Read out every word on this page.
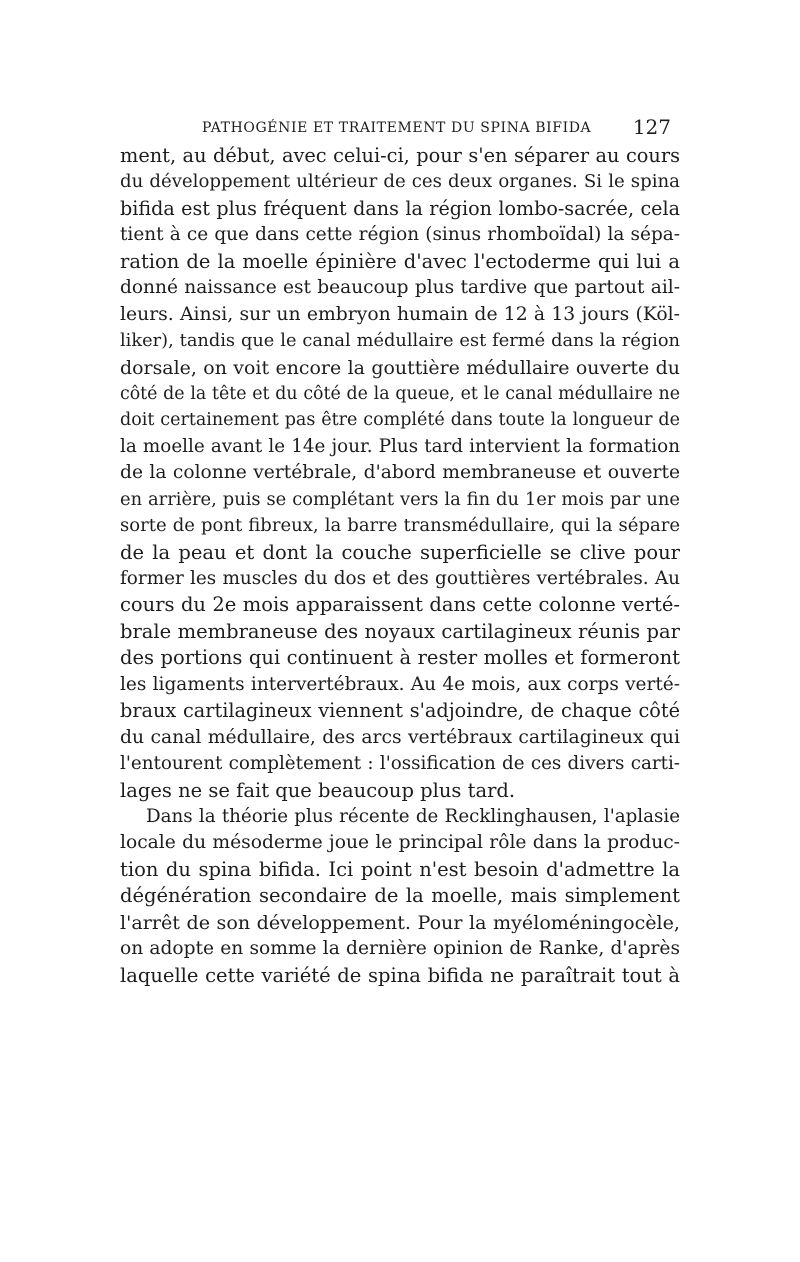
PATHOGÉNIE ET TRAITEMENT DU SPINA BIFIDA 127
ment, au début, avec celui-ci, pour s'en séparer au cours
du développement ultérieur de ces deux organes. Si le spina
bifida est plus fréquent dans la région lombo-sacrée, cela
tient à ce que dans cette région (sinus rhomboïdal) la sépa-
ration de la moelle épinière d'avec l'ectoderme qui lui a
donné naissance est beaucoup plus tardive que partout ail-
leurs. Ainsi, sur un embryon humain de 12 à 13 jours (Köl-
liker), tandis que le canal médullaire est fermé dans la région
dorsale, on voit encore la gouttière médullaire ouverte du
côté de la tête et du côté de la queue, et le canal médullaire ne
doit certainement pas être complété dans toute la longueur de
la moelle avant le 14e jour. Plus tard intervient la formation
de la colonne vertébrale, d'abord membraneuse et ouverte
en arrière, puis se complétant vers la fin du 1er mois par une
sorte de pont fibreux, la barre transmédullaire, qui la sépare
de la peau et dont la couche superficielle se clive pour
former les muscles du dos et des gouttières vertébrales. Au
cours du 2e mois apparaissent dans cette colonne verté-
brale membraneuse des noyaux cartilagineux réunis par
des portions qui continuent à rester molles et formeront
les ligaments intervertébraux. Au 4e mois, aux corps verté-
braux cartilagineux viennent s'adjoindre, de chaque côté
du canal médullaire, des arcs vertébraux cartilagineux qui
l'entourent complètement : l'ossification de ces divers carti-
lages ne se fait que beaucoup plus tard.
Dans la théorie plus récente de Recklinghausen, l'aplasie
locale du mésoderme joue le principal rôle dans la produc-
tion du spina bifida. Ici point n'est besoin d'admettre la
dégénération secondaire de la moelle, mais simplement
l'arrêt de son développement. Pour la myéloméningocèle,
on adopte en somme la dernière opinion de Ranke, d'après
laquelle cette variété de spina bifida ne paraîtrait tout à
